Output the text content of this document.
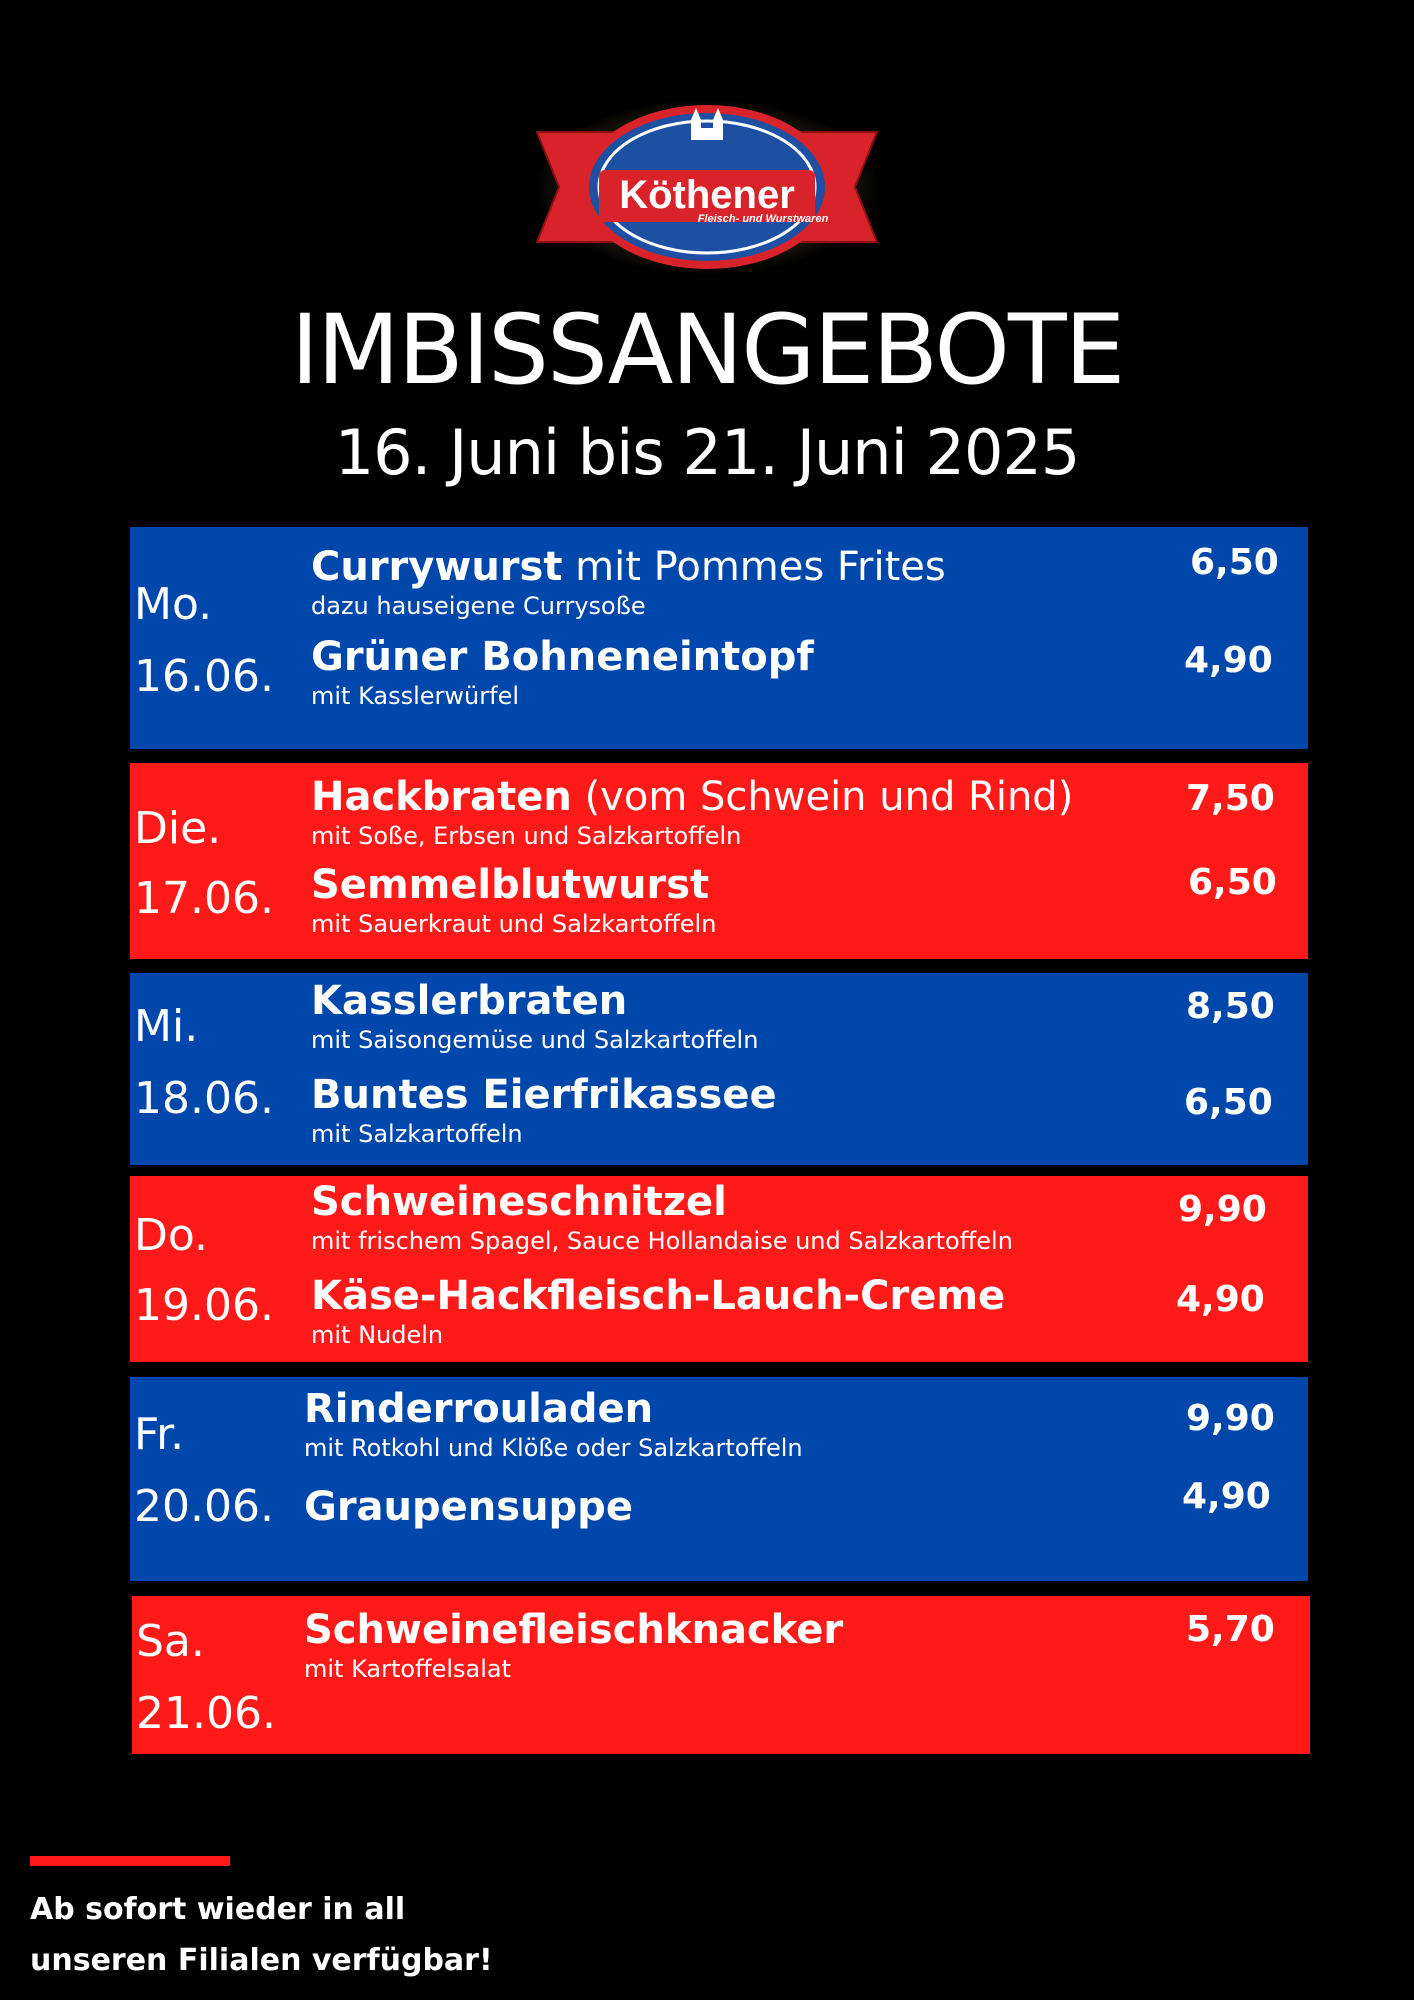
Köthener
Fleisch- und Wurstwaren
IMBISSANGEBOTE
16. Juni bis 21. Juni 2025
Mo.
16.06.
Currywurst mit Pommes Frites
dazu hauseigene Currysoße
6,50
Grüner Bohneneintopf
mit Kasslerwürfel
4,90
Die.
17.06.
Hackbraten (vom Schwein und Rind)
mit Soße, Erbsen und Salzkartoffeln
7,50
Semmelblutwurst
mit Sauerkraut und Salzkartoffeln
6,50
Mi.
18.06.
Kasslerbraten
mit Saisongemüse und Salzkartoffeln
8,50
Buntes Eierfrikassee
mit Salzkartoffeln
6,50
Do.
19.06.
Schweineschnitzel
mit frischem Spagel, Sauce Hollandaise und Salzkartoffeln
9,90
Käse-Hackfleisch-Lauch-Creme
mit Nudeln
4,90
Fr.
20.06.
Rinderrouladen
mit Rotkohl und Klöße oder Salzkartoffeln
9,90
Graupensuppe	4,90
Sa.
21.06.
Schweinefleischknacker
mit Kartoffelsalat
5,70
Ab sofort wieder in all
unseren Filialen verfügbar!
